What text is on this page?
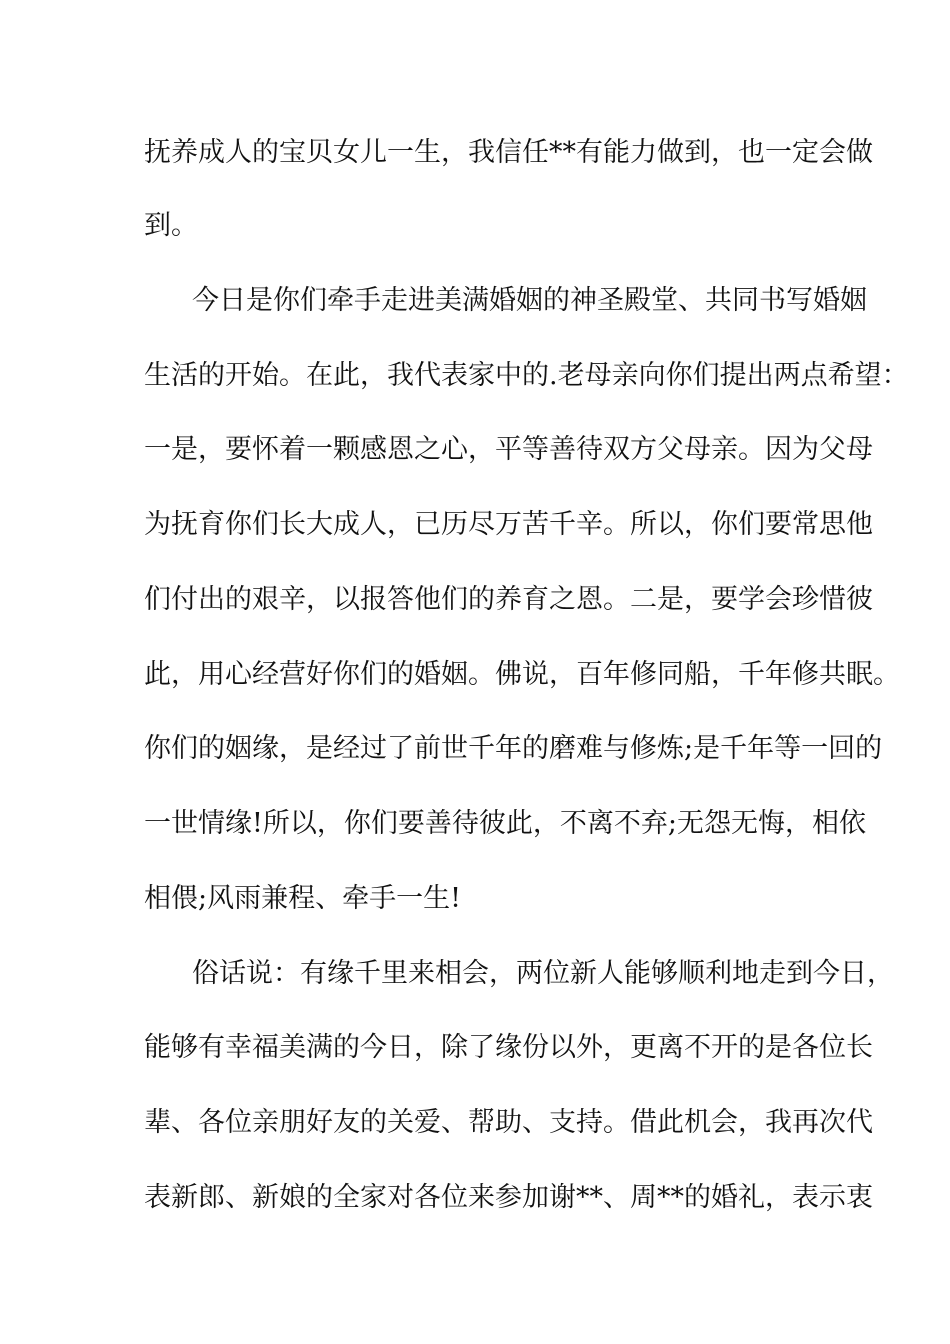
抚养成人的宝贝女儿一生，我信任**有能力做到，也一定会做
到。
今日是你们牵手走进美满婚姻的神圣殿堂、共同书写婚姻
生活的开始。在此，我代表家中的.老母亲向你们提出两点希望：
一是，要怀着一颗感恩之心，平等善待双方父母亲。因为父母
为抚育你们长大成人，已历尽万苦千辛。所以，你们要常思他
们付出的艰辛，以报答他们的养育之恩。二是，要学会珍惜彼
此，用心经营好你们的婚姻。佛说，百年修同船，千年修共眠。
你们的姻缘，是经过了前世千年的磨难与修炼;是千年等一回的
一世情缘!所以，你们要善待彼此，不离不弃;无怨无悔，相依
相偎;风雨兼程、牵手一生!
俗话说：有缘千里来相会，两位新人能够顺利地走到今日，
能够有幸福美满的今日，除了缘份以外，更离不开的是各位长
辈、各位亲朋好友的关爱、帮助、支持。借此机会，我再次代
表新郎、新娘的全家对各位来参加谢**、周**的婚礼，表示衷
